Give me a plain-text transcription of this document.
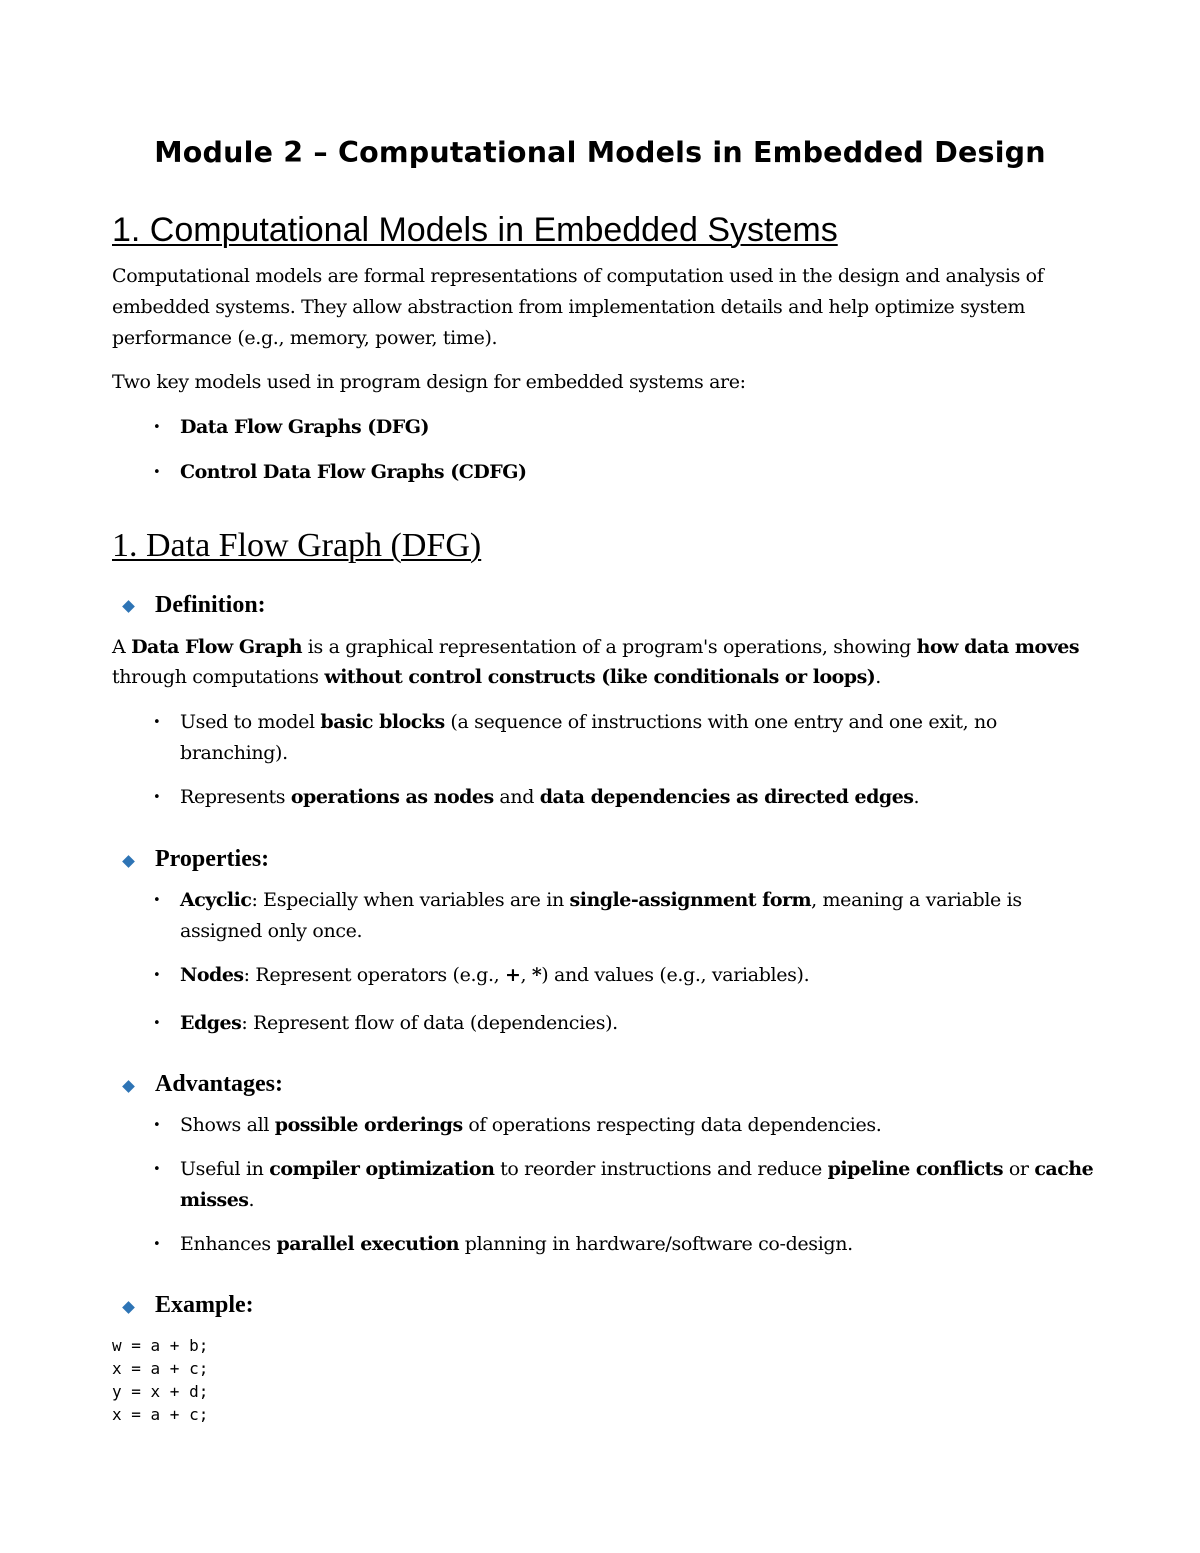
Module 2 – Computational Models in Embedded Design
1. Computational Models in Embedded Systems
Computational models are formal representations of computation used in the design and analysis of
embedded systems. They allow abstraction from implementation details and help optimize system
performance (e.g., memory, power, time).
Two key models used in program design for embedded systems are:
• Data Flow Graphs (DFG)
• Control Data Flow Graphs (CDFG)
1. Data Flow Graph (DFG)
Definition:
A Data Flow Graph is a graphical representation of a program's operations, showing how data moves
through computations without control constructs (like conditionals or loops).
• Used to model basic blocks (a sequence of instructions with one entry and one exit, no
branching).
• Represents operations as nodes and data dependencies as directed edges.
Properties:
• Acyclic: Especially when variables are in single-assignment form, meaning a variable is
assigned only once.
• Nodes: Represent operators (e.g., +, *) and values (e.g., variables).
• Edges: Represent flow of data (dependencies).
Advantages:
• Shows all possible orderings of operations respecting data dependencies.
• Useful in compiler optimization to reorder instructions and reduce pipeline conflicts or cache
misses.
• Enhances parallel execution planning in hardware/software co-design.
Example:
w = a + b;
x = a + c;
y = x + d;
x = a + c;
